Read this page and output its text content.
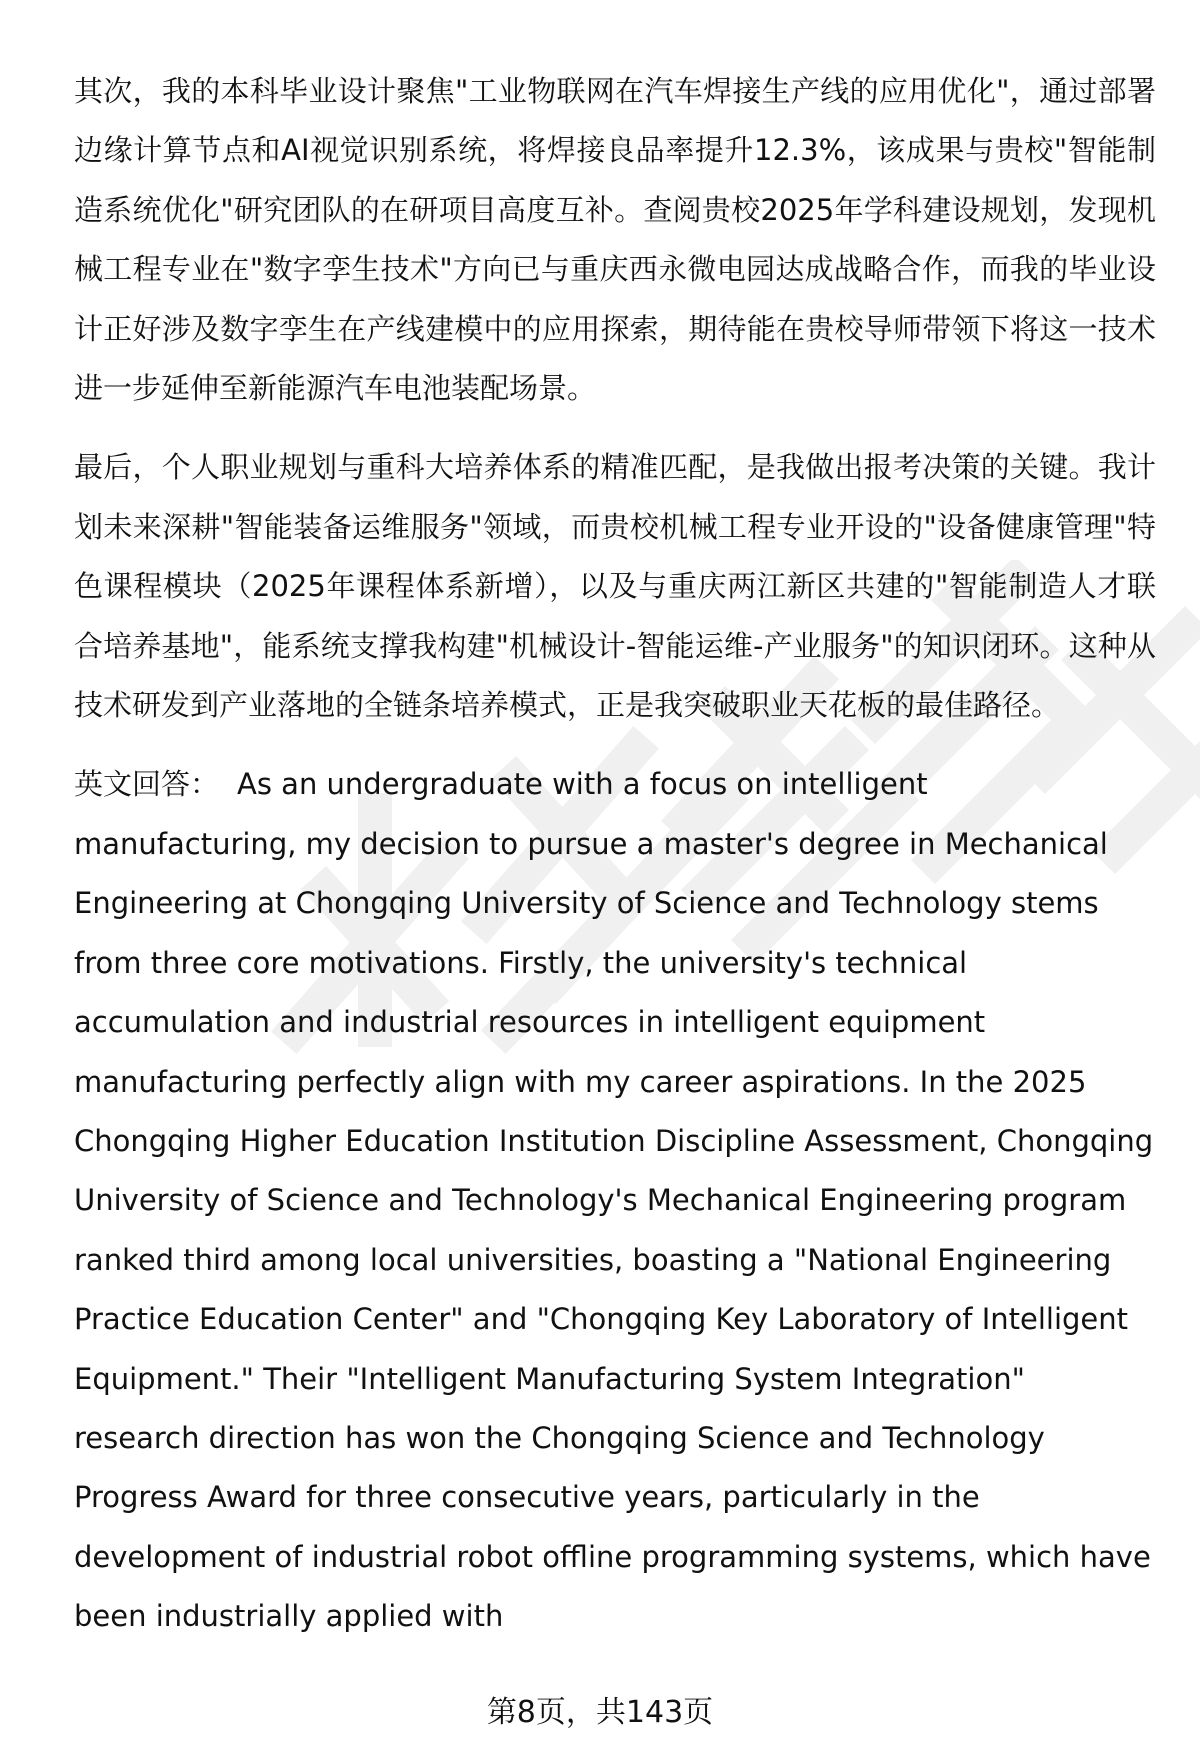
其次，我的本科毕业设计聚焦"工业物联网在汽车焊接生产线的应用优化"，通过部署边缘计算节点和AI视觉识别系统，将焊接良品率提升12.3%，该成果与贵校"智能制造系统优化"研究团队的在研项目高度互补。查阅贵校2025年学科建设规划，发现机械工程专业在"数字孪生技术"方向已与重庆西永微电园达成战略合作，而我的毕业设计正好涉及数字孪生在产线建模中的应用探索，期待能在贵校导师带领下将这一技术进一步延伸至新能源汽车电池装配场景。

最后，个人职业规划与重科大培养体系的精准匹配，是我做出报考决策的关键。我计划未来深耕"智能装备运维服务"领域，而贵校机械工程专业开设的"设备健康管理"特色课程模块（2025年课程体系新增），以及与重庆两江新区共建的"智能制造人才联合培养基地"，能系统支撑我构建"机械设计-智能运维-产业服务"的知识闭环。这种从技术研发到产业落地的全链条培养模式，正是我突破职业天花板的最佳路径。

英文回答： As an undergraduate with a focus on intelligent manufacturing, my decision to pursue a master's degree in Mechanical Engineering at Chongqing University of Science and Technology stems from three core motivations. Firstly, the university's technical accumulation and industrial resources in intelligent equipment manufacturing perfectly align with my career aspirations. In the 2025 Chongqing Higher Education Institution Discipline Assessment, Chongqing University of Science and Technology's Mechanical Engineering program ranked third among local universities, boasting a "National Engineering Practice Education Center" and "Chongqing Key Laboratory of Intelligent Equipment." Their "Intelligent Manufacturing System Integration" research direction has won the Chongqing Science and Technology Progress Award for three consecutive years, particularly in the development of industrial robot offline programming systems, which have been industrially applied with

第8页，共143页
